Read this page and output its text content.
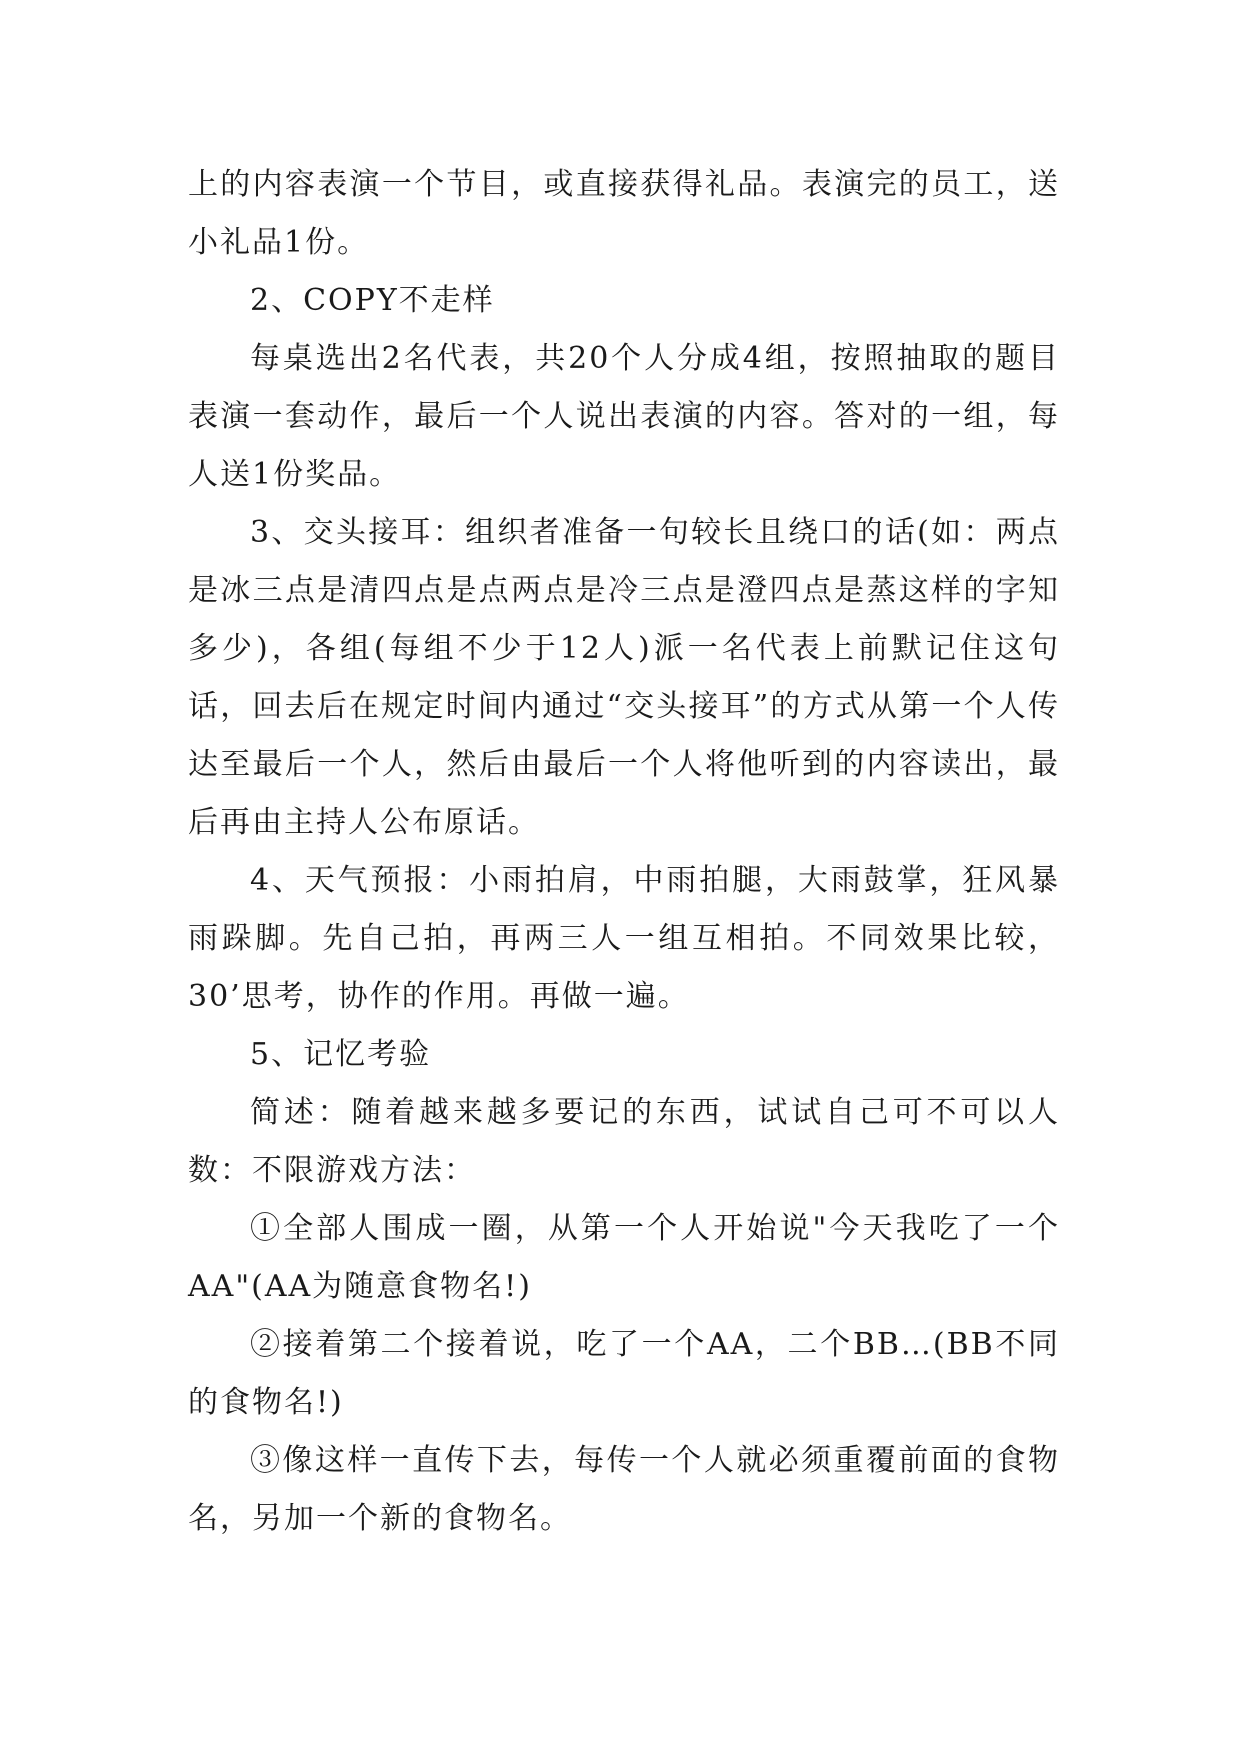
上的内容表演一个节目，或直接获得礼品。表演完的员工，送小礼品1份。

2、COPY不走样

每桌选出2名代表，共20个人分成4组，按照抽取的题目表演一套动作，最后一个人说出表演的内容。答对的一组，每人送1份奖品。

3、交头接耳：组织者准备一句较长且绕口的话(如：两点是冰三点是清四点是点两点是冷三点是澄四点是蒸这样的字知多少)，各组(每组不少于12人)派一名代表上前默记住这句话，回去后在规定时间内通过“交头接耳”的方式从第一个人传达至最后一个人，然后由最后一个人将他听到的内容读出，最后再由主持人公布原话。

4、天气预报：小雨拍肩，中雨拍腿，大雨鼓掌，狂风暴雨跺脚。先自己拍，再两三人一组互相拍。不同效果比较，30’思考，协作的作用。再做一遍。

5、记忆考验

简述：随着越来越多要记的东西，试试自己可不可以人数：不限游戏方法：

①全部人围成一圈，从第一个人开始说"今天我吃了一个AA"(AA为随意食物名!)

②接着第二个接着说，吃了一个AA，二个BB…(BB不同的食物名!)

③像这样一直传下去，每传一个人就必须重覆前面的食物名，另加一个新的食物名。
